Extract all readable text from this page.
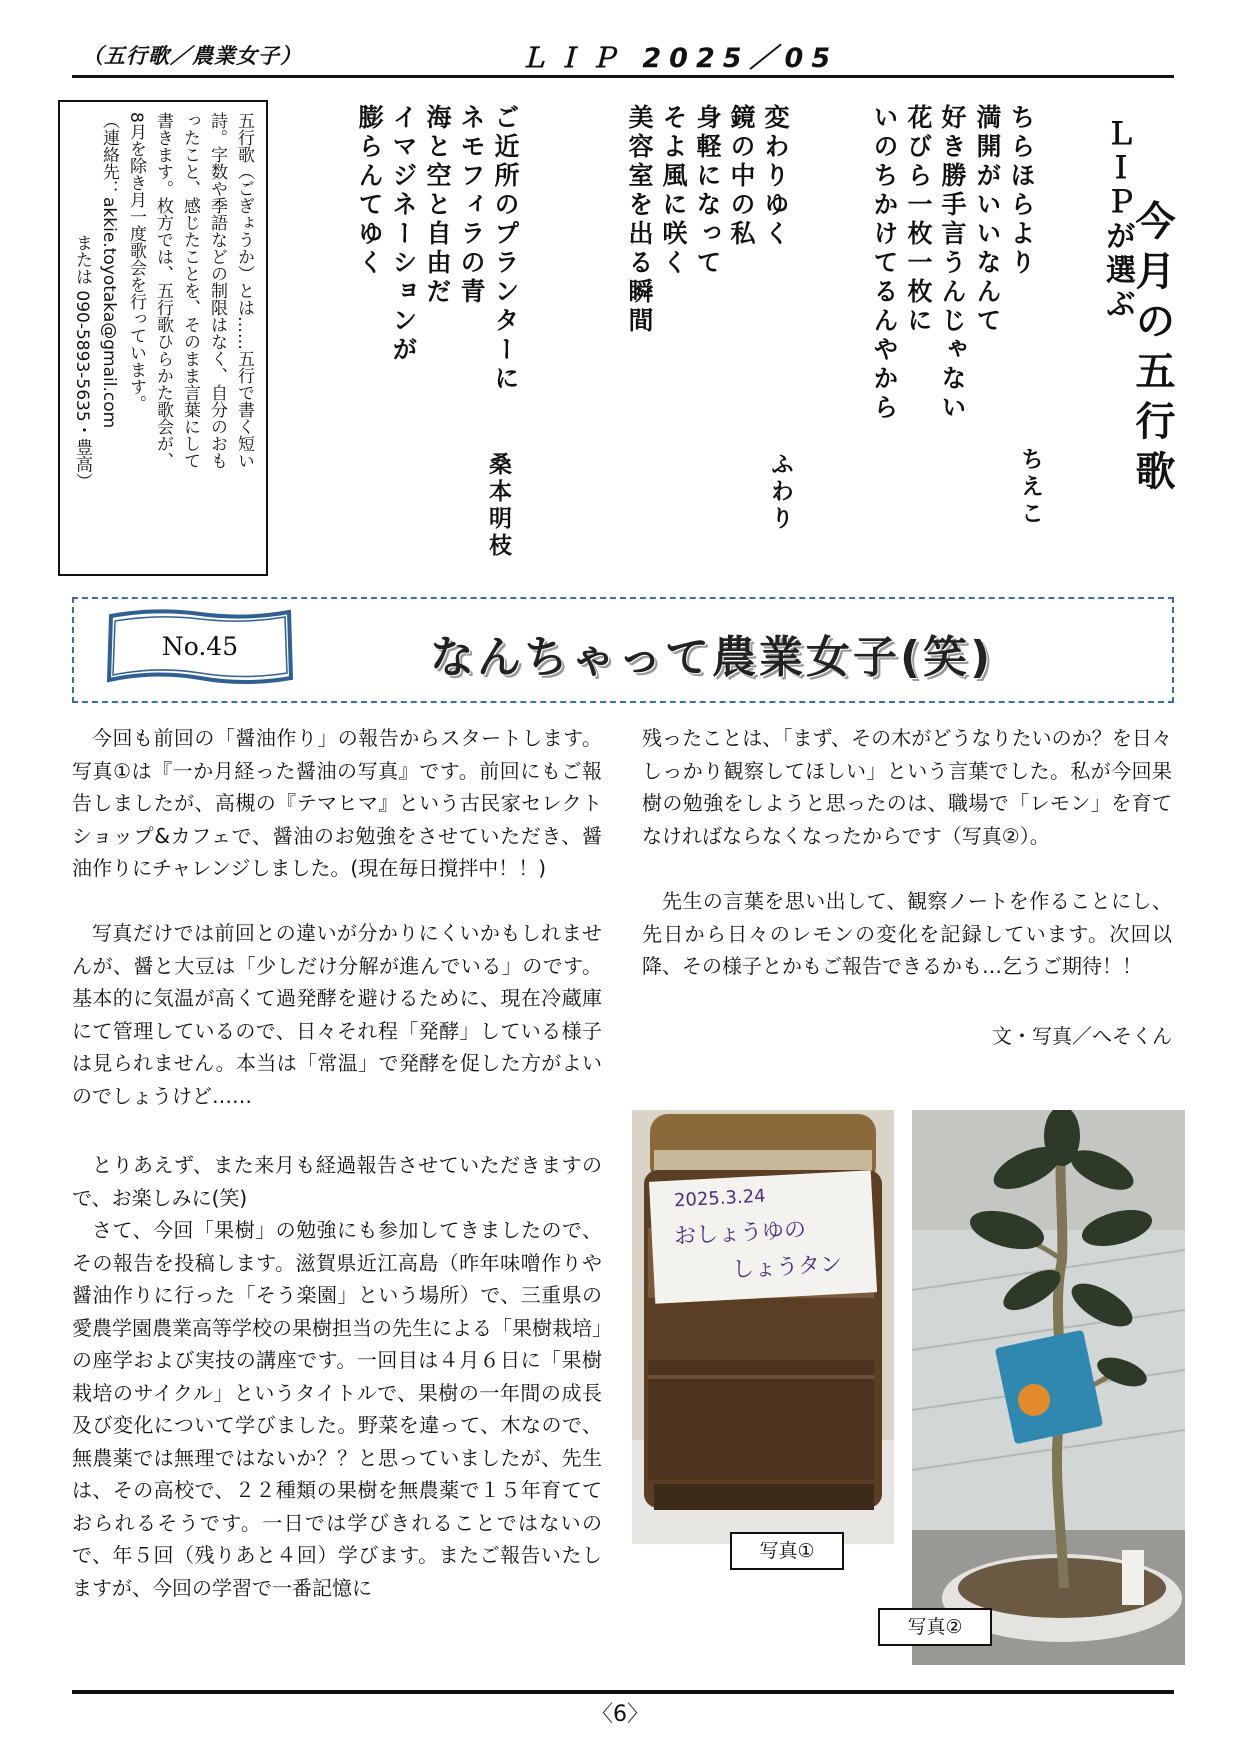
（五行歌／農業女子）	ＬＩＰ 2025／05
ＬＩＰが選ぶ
今月の五行歌
ちらほらより
満開がいいなんて
好き勝手言うんじゃない
花びら一枚一枚に
いのちかけてるんやから
ちえこ
変わりゆく
鏡の中の私
身軽になって
そよ風に咲く
美容室を出る瞬間
ふわり
ご近所のプランターに
ネモフィラの青
海と空と自由だ
イマジネーションが
膨らんてゆく
桑本明枝
五行歌（ごぎょうか）とは……五行で書く短い
詩。字数や季語などの制限はなく、自分のおも
ったこと、感じたことを、そのまま言葉にして
書きます。枚方では、五行歌ひらかた歌会が、
8月を除き月一度歌会を行っています。
（連絡先：akkie.toyotaka@gmail.com
または 090-5893-5635・豊高）
No.45	なんちゃって農業女子(笑)

今回も前回の「醤油作り」の報告からスタートします。写真①は『一か月経った醤油の写真』です。前回にもご報告しましたが、高槻の『テマヒマ』という古民家セレクトショップ&カフェで、醤油のお勉強をさせていただき、醤油作りにチャレンジしました。(現在毎日撹拌中！！)

写真だけでは前回との違いが分かりにくいかもしれませんが、醤と大豆は「少しだけ分解が進んでいる」のです。基本的に気温が高くて過発酵を避けるために、現在冷蔵庫にて管理しているので、日々それ程「発酵」している様子は見られません。本当は「常温」で発酵を促した方がよいのでしょうけど……

とりあえず、また来月も経過報告させていただきますので、お楽しみに(笑)

さて、今回「果樹」の勉強にも参加してきましたので、その報告を投稿します。滋賀県近江高島（昨年味噌作りや醤油作りに行った「そう楽園」という場所）で、三重県の愛農学園農業高等学校の果樹担当の先生による「果樹栽培」の座学および実技の講座です。一回目は４月６日に「果樹栽培のサイクル」というタイトルで、果樹の一年間の成長及び変化について学びました。野菜を違って、木なので、無農薬では無理ではないか？？と思っていましたが、先生は、その高校で、２２種類の果樹を無農薬で１５年育てておられるそうです。一日では学びきれることではないので、年５回（残りあと４回）学びます。またご報告いたしますが、今回の学習で一番記憶に

残ったことは、「まず、その木がどうなりたいのか？を日々しっかり観察してほしい」という言葉でした。私が今回果樹の勉強をしようと思ったのは、職場で「レモン」を育てなければならなくなったからです（写真②）。

先生の言葉を思い出して、観察ノートを作ることにし、先日から日々のレモンの変化を記録しています。次回以降、その様子とかもご報告できるかも…乞うご期待！！

文・写真／へそくん
2025.3.24
おしょうゆの
しょうタン
写真①
写真②
〈6〉
